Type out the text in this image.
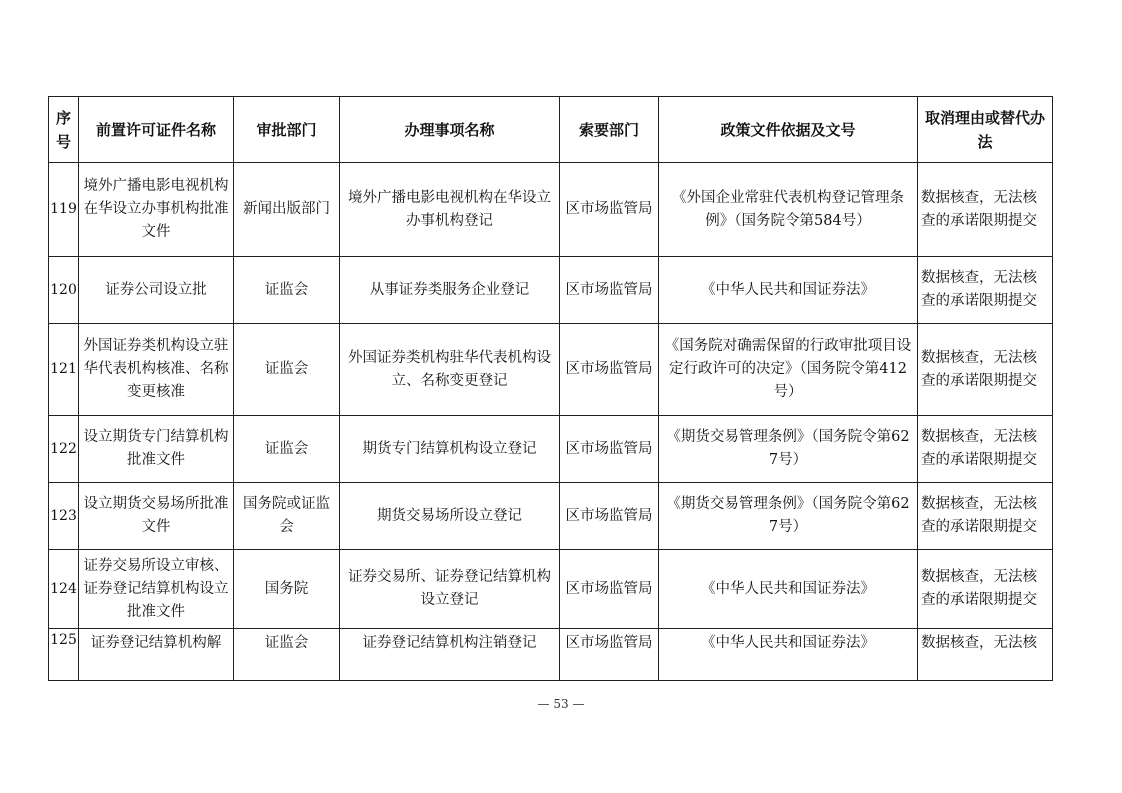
序号	前置许可证件名称	审批部门	办理事项名称	索要部门	政策文件依据及文号	取消理由或替代办法
119	境外广播电影电视机构在华设立办事机构批准文件	新闻出版部门	境外广播电影电视机构在华设立办事机构登记	区市场监管局	《外国企业常驻代表机构登记管理条例》（国务院令第584号）	数据核查，无法核查的承诺限期提交
120	证券公司设立批	证监会	从事证券类服务企业登记	区市场监管局	《中华人民共和国证券法》	数据核查，无法核查的承诺限期提交
121	外国证券类机构设立驻华代表机构核准、名称变更核准	证监会	外国证券类机构驻华代表机构设立、名称变更登记	区市场监管局	《国务院对确需保留的行政审批项目设定行政许可的决定》（国务院令第412号）	数据核查，无法核查的承诺限期提交
122	设立期货专门结算机构批准文件	证监会	期货专门结算机构设立登记	区市场监管局	《期货交易管理条例》（国务院令第627号）	数据核查，无法核查的承诺限期提交
123	设立期货交易场所批准文件	国务院或证监会	期货交易场所设立登记	区市场监管局	《期货交易管理条例》（国务院令第627号）	数据核查，无法核查的承诺限期提交
124	证券交易所设立审核、证券登记结算机构设立批准文件	国务院	证券交易所、证券登记结算机构设立登记	区市场监管局	《中华人民共和国证券法》	数据核查，无法核查的承诺限期提交
125	证券登记结算机构解	证监会	证券登记结算机构注销登记	区市场监管局	《中华人民共和国证券法》	数据核查，无法核
— 53 —
